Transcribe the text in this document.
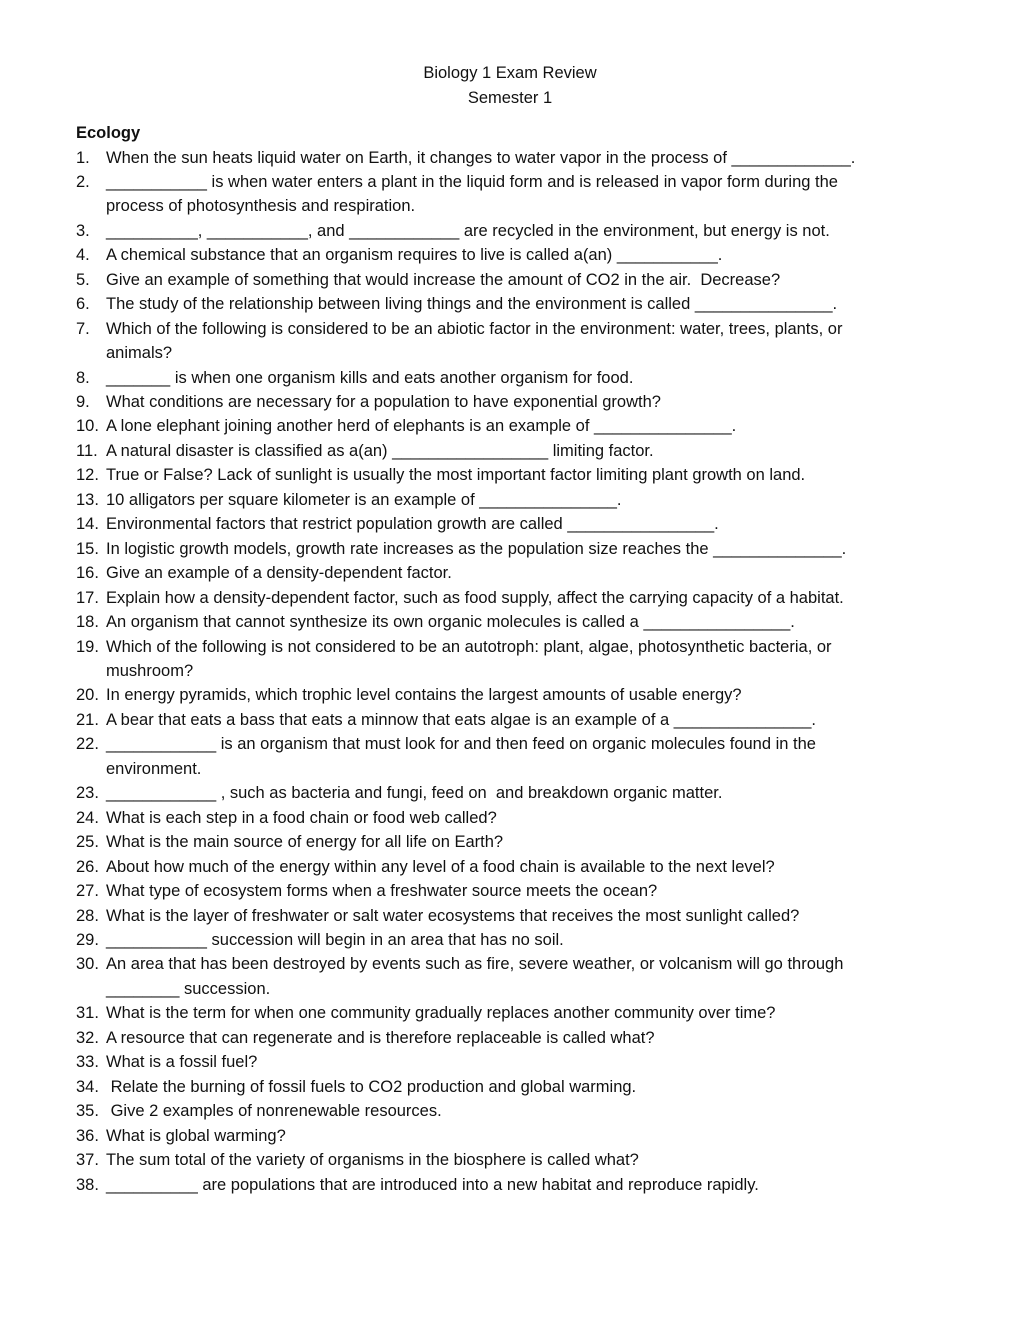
Biology 1 Exam Review
Semester 1
Ecology
1. When the sun heats liquid water on Earth, it changes to water vapor in the process of _____________.
2. ___________ is when water enters a plant in the liquid form and is released in vapor form during the
process of photosynthesis and respiration.
3. __________, ___________, and ____________ are recycled in the environment, but energy is not.
4. A chemical substance that an organism requires to live is called a(an) ___________.
5. Give an example of something that would increase the amount of CO2 in the air.  Decrease?
6. The study of the relationship between living things and the environment is called _______________.
7. Which of the following is considered to be an abiotic factor in the environment: water, trees, plants, or
animals?
8. _______ is when one organism kills and eats another organism for food.
9. What conditions are necessary for a population to have exponential growth?
10. A lone elephant joining another herd of elephants is an example of _______________.
11. A natural disaster is classified as a(an) _________________ limiting factor.
12. True or False? Lack of sunlight is usually the most important factor limiting plant growth on land.
13. 10 alligators per square kilometer is an example of _______________.
14. Environmental factors that restrict population growth are called ________________.
15. In logistic growth models, growth rate increases as the population size reaches the ______________.
16. Give an example of a density-dependent factor.
17. Explain how a density-dependent factor, such as food supply, affect the carrying capacity of a habitat.
18. An organism that cannot synthesize its own organic molecules is called a ________________.
19. Which of the following is not considered to be an autotroph: plant, algae, photosynthetic bacteria, or
mushroom?
20. In energy pyramids, which trophic level contains the largest amounts of usable energy?
21. A bear that eats a bass that eats a minnow that eats algae is an example of a _______________.
22. ____________ is an organism that must look for and then feed on organic molecules found in the
environment.
23. ____________ , such as bacteria and fungi, feed on  and breakdown organic matter.
24. What is each step in a food chain or food web called?
25. What is the main source of energy for all life on Earth?
26. About how much of the energy within any level of a food chain is available to the next level?
27. What type of ecosystem forms when a freshwater source meets the ocean?
28. What is the layer of freshwater or salt water ecosystems that receives the most sunlight called?
29. ___________ succession will begin in an area that has no soil.
30. An area that has been destroyed by events such as fire, severe weather, or volcanism will go through
________ succession.
31. What is the term for when one community gradually replaces another community over time?
32. A resource that can regenerate and is therefore replaceable is called what?
33. What is a fossil fuel?
34. Relate the burning of fossil fuels to CO2 production and global warming.
35. Give 2 examples of nonrenewable resources.
36. What is global warming?
37. The sum total of the variety of organisms in the biosphere is called what?
38. __________ are populations that are introduced into a new habitat and reproduce rapidly.
